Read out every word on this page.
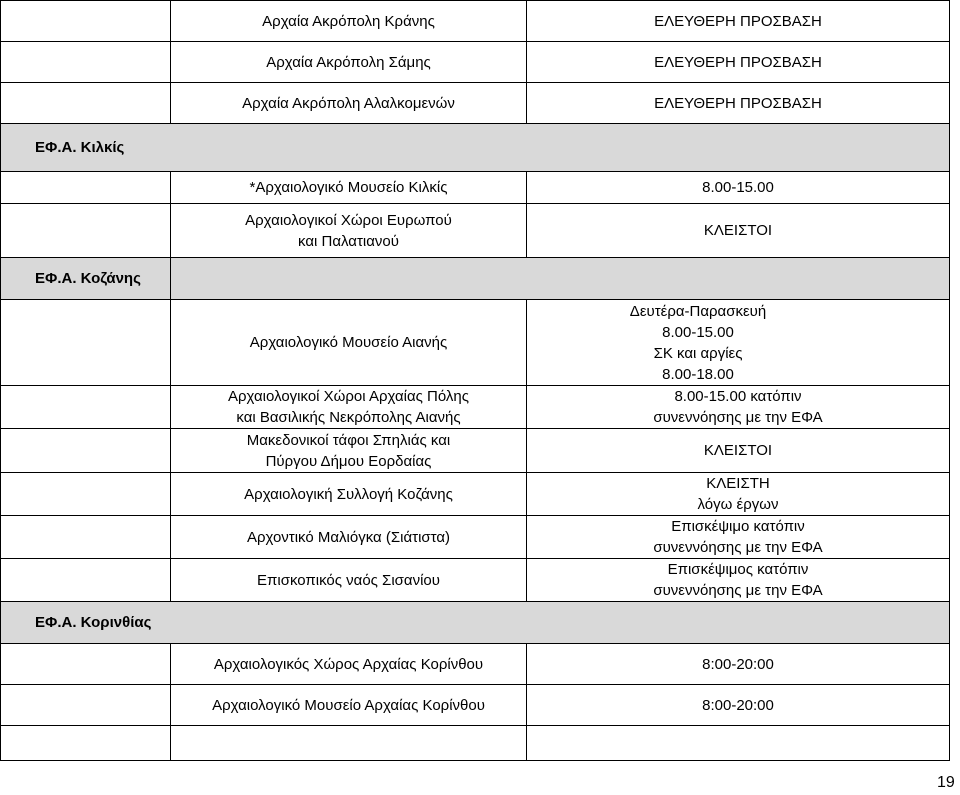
	Αρχαία Ακρόπολη Κράνης	ΕΛΕΥΘΕΡΗ ΠΡΟΣΒΑΣΗ
	Αρχαία Ακρόπολη Σάμης	ΕΛΕΥΘΕΡΗ ΠΡΟΣΒΑΣΗ
	Αρχαία Ακρόπολη Αλαλκομενών	ΕΛΕΥΘΕΡΗ ΠΡΟΣΒΑΣΗ
ΕΦ.Α. Κιλκίς		
	*Αρχαιολογικό Μουσείο Κιλκίς	8.00-15.00
	Αρχαιολογικοί Χώροι Ευρωπού και Παλατιανού	ΚΛΕΙΣΤΟΙ
ΕΦ.Α. Κοζάνης		
	Αρχαιολογικό Μουσείο Αιανής	Δευτέρα-Παρασκευή
8.00-15.00
ΣΚ και αργίες
8.00-18.00
	Αρχαιολογικοί Χώροι Αρχαίας Πόλης και Βασιλικής Νεκρόπολης Αιανής	8.00-15.00 κατόπιν συνεννόησης με την ΕΦΑ
	Μακεδονικοί τάφοι Σπηλιάς και Πύργου Δήμου Εορδαίας	ΚΛΕΙΣΤΟΙ
	Αρχαιολογική Συλλογή Κοζάνης	ΚΛΕΙΣΤΗ
λόγω έργων
	Αρχοντικό Μαλιόγκα (Σιάτιστα)	Επισκέψιμο κατόπιν συνεννόησης με την ΕΦΑ
	Επισκοπικός ναός Σισανίου	Επισκέψιμος κατόπιν συνεννόησης με την ΕΦΑ
ΕΦ.Α. Κορινθίας		
	Αρχαιολογικός Χώρος Αρχαίας Κορίνθου	8:00-20:00
	Αρχαιολογικό Μουσείο Αρχαίας Κορίνθου	8:00-20:00

19
